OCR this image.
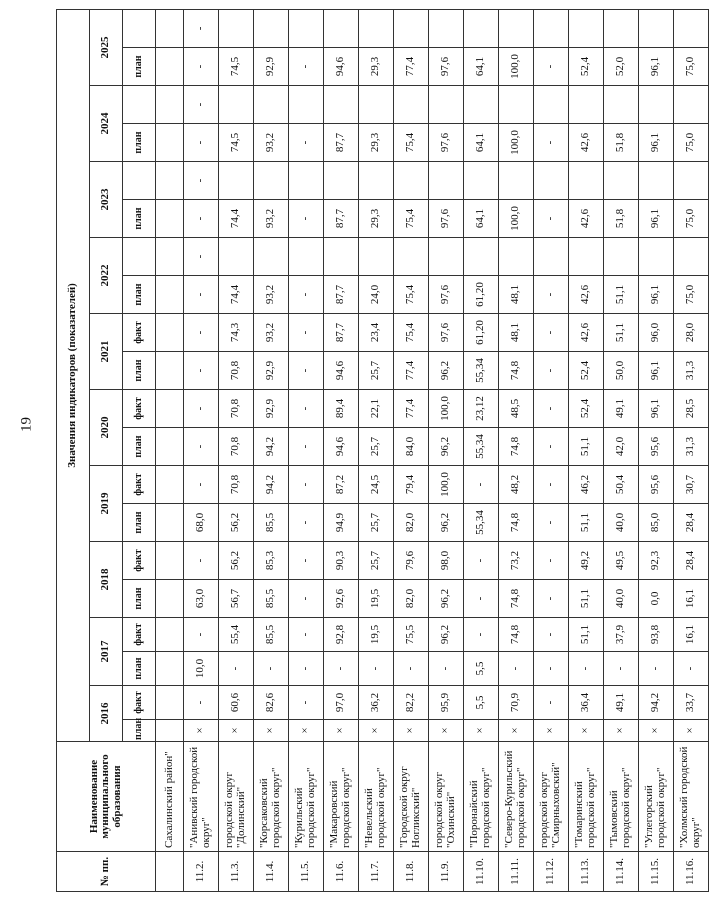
19
№ пп.	Наименование муниципального образования	Значения индикаторов (показателей)																			
		2016		2017		2018		2019		2020		2021		2022		2023		2024		2025	
		план	факт	план	факт	план	факт	план	факт	план	факт	план	факт	план		план		план		план	
	Сахалинский район"																				
11.2.	"Анивский городской округ"	×	-	10,0	-	63,0	-	68,0	-	-	-	-	-	-	-	-	-	-	-	-	-
11.3.	городской округ "Долинский"	×	60,6	-	55,4	56,7	56,2	56,2	70,8	70,8	70,8	70,8	74,3	74,4		74,4		74,5		74,5	
11.4.	"Корсаковский городской округ"	×	82,6	-	85,5	85,5	85,3	85,5	94,2	94,2	92,9	92,9	93,2	93,2		93,2		93,2		92,9	
11.5.	"Курильский городской округ"	×	-	-	-	-	-	-	-	-	-	-	-	-		-		-		-	
11.6.	"Макаровский городской округ"	×	97,0	-	92,8	92,6	90,3	94,9	87,2	94,6	89,4	94,6	87,7	87,7		87,7		87,7		94,6	
11.7.	"Невельский городской округ"	×	36,2	-	19,5	19,5	25,7	25,7	24,5	25,7	22,1	25,7	23,4	24,0		29,3		29,3		29,3	
11.8.	"Городской округ Ногликский"	×	82,2	-	75,5	82,0	79,6	82,0	79,4	84,0	77,4	77,4	75,4	75,4		75,4		75,4		77,4	
11.9.	городской округ "Охинский"	×	95,9	-	96,2	96,2	98,0	96,2	100,0	96,2	100,0	96,2	97,6	97,6		97,6		97,6		97,6	
11.10.	"Поронайский городской округ"	×	5,5	5,5	-	-	-	55,34	-	55,34	23,12	55,34	61,20	61,20		64,1		64,1		64,1	
11.11.	"Северо-Курильский городской округ"	×	70,9	-	74,8	74,8	73,2	74,8	48,2	74,8	48,5	74,8	48,1	48,1		100,0		100,0		100,0	
11.12.	городской округ "Смирныховский"	×	-	-	-	-	-	-	-	-	-	-	-	-		-		-		-	
11.13.	"Томаринский городской округ"	×	36,4	-	51,1	51,1	49,2	51,1	46,2	51,1	52,4	52,4	42,6	42,6		42,6		42,6		52,4	
11.14.	"Тымовский городской округ"	×	49,1	-	37,9	40,0	49,5	40,0	50,4	42,0	49,1	50,0	51,1	51,1		51,8		51,8		52,0	
11.15.	"Углегорский городской округ"	×	94,2	-	93,8	0,0	92,3	85,0	95,6	95,6	96,1	96,1	96,0	96,1		96,1		96,1		96,1	
11.16.	"Холмский городской округ"	×	33,7	-	16,1	16,1	28,4	28,4	30,7	31,3	28,5	31,3	28,0	75,0		75,0		75,0		75,0	
